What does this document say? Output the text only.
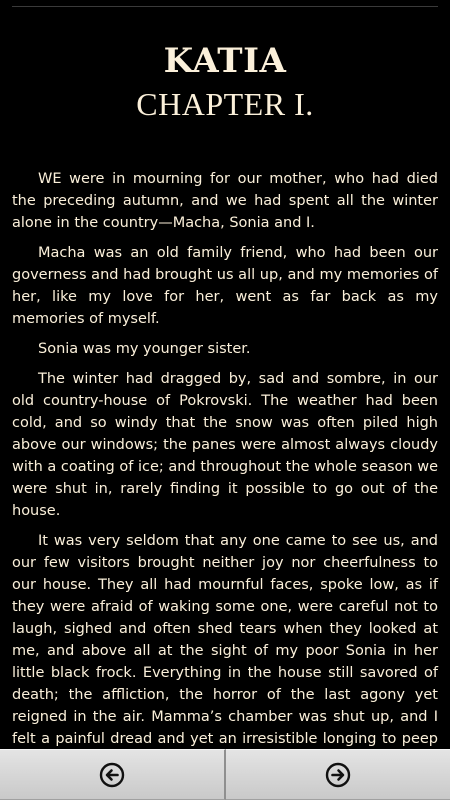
KATIA
CHAPTER I.

WE were in mourning for our mother, who had died the preceding autumn, and we had spent all the winter alone in the country—Macha, Sonia and I.

Macha was an old family friend, who had been our governess and had brought us all up, and my memories of her, like my love for her, went as far back as my memories of myself.

Sonia was my younger sister.

The winter had dragged by, sad and sombre, in our old country-house of Pokrovski. The weather had been cold, and so windy that the snow was often piled high above our windows; the panes were almost always cloudy with a coating of ice; and throughout the whole season we were shut in, rarely finding it possible to go out of the house.

It was very seldom that any one came to see us, and our few visitors brought neither joy nor cheerfulness to our house. They all had mournful faces, spoke low, as if they were afraid of waking some one, were careful not to laugh, sighed and often shed tears when they looked at me, and above all at the sight of my poor Sonia in her little black frock. Everything in the house still savored of death; the affliction, the horror of the last agony yet reigned in the air. Mamma’s chamber was shut up, and I felt a painful dread and yet an irresistible longing to peep
